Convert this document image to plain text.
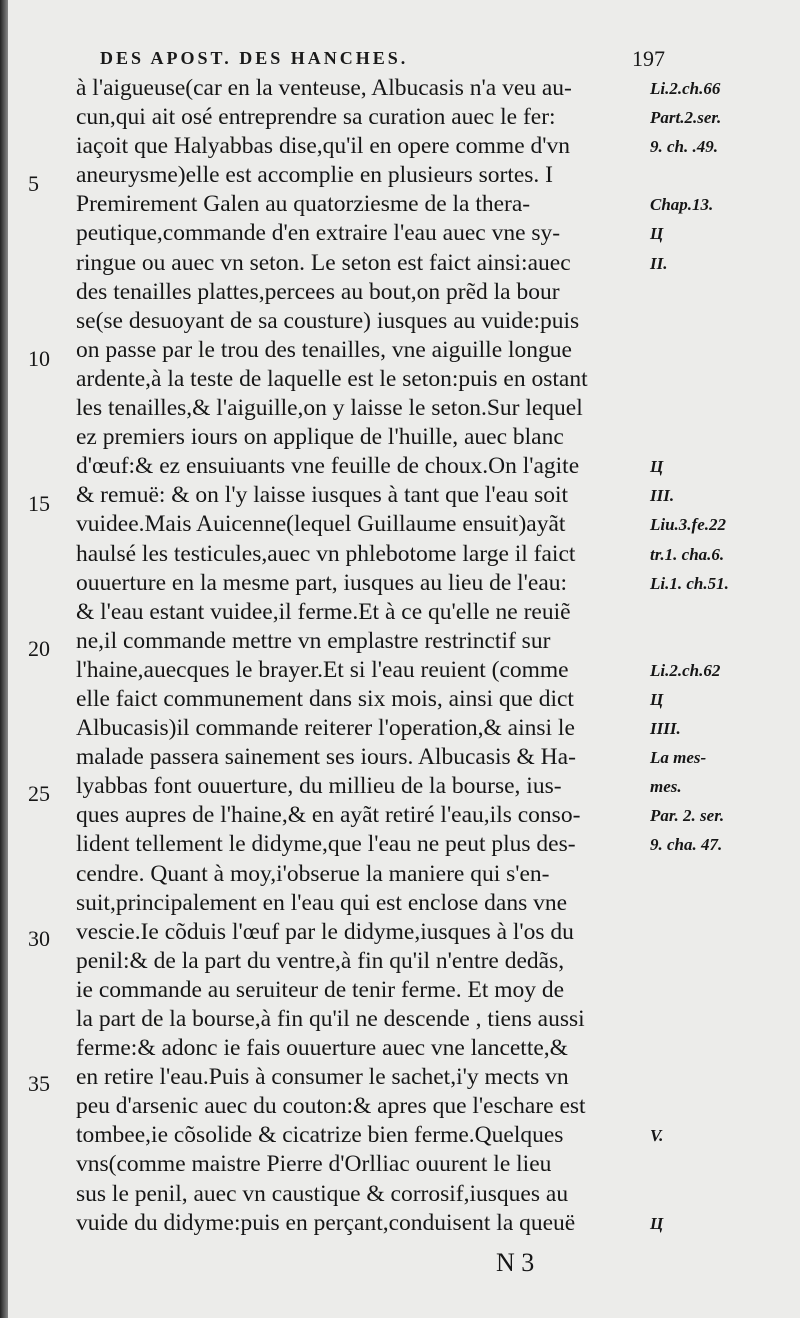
DES APOST. DES HANCHES.	197
5
10
15
20
25
30
35
à l'aigueuse(car en la venteuse, Albucasis n'a veu au-
cun,qui ait osé entreprendre sa curation auec le fer:
iaçoit que Halyabbas dise,qu'il en opere comme d'vn
aneurysme)elle est accomplie en plusieurs sortes. I
Premirement Galen au quatorziesme de la thera-
peutique,commande d'en extraire l'eau auec vne sy-
ringue ou auec vn seton. Le seton est faict ainsi:auec
des tenailles plattes,percees au bout,on prẽd la bour
se(se desuoyant de sa cousture) iusques au vuide:puis
on passe par le trou des tenailles, vne aiguille longue
ardente,à la teste de laquelle est le seton:puis en ostant
les tenailles,& l'aiguille,on y laisse le seton.Sur lequel
ez premiers iours on applique de l'huille, auec blanc
d'œuf:& ez ensuiuants vne feuille de choux.On l'agite
& remuë: & on l'y laisse iusques à tant que l'eau soit
vuidee.Mais Auicenne(lequel Guillaume ensuit)ayãt
haulsé les testicules,auec vn phlebotome large il faict
ouuerture en la mesme part, iusques au lieu de l'eau:
& l'eau estant vuidee,il ferme.Et à ce qu'elle ne reuiẽ
ne,il commande mettre vn emplastre restrinctif sur
l'haine,auecques le brayer.Et si l'eau reuient (comme
elle faict communement dans six mois, ainsi que dict
Albucasis)il commande reiterer l'operation,& ainsi le
malade passera sainement ses iours. Albucasis & Ha-
lyabbas font ouuerture, du millieu de la bourse, ius-
ques aupres de l'haine,& en ayãt retiré l'eau,ils conso-
lident tellement le didyme,que l'eau ne peut plus des-
cendre. Quant à moy,i'obserue la maniere qui s'en-
suit,principalement en l'eau qui est enclose dans vne
vescie.Ie cõduis l'œuf par le didyme,iusques à l'os du
penil:& de la part du ventre,à fin qu'il n'entre dedãs,
ie commande au seruiteur de tenir ferme. Et moy de
la part de la bourse,à fin qu'il ne descende , tiens aussi
ferme:& adonc ie fais ouuerture auec vne lancette,&
en retire l'eau.Puis à consumer le sachet,i'y mects vn
peu d'arsenic auec du couton:& apres que l'eschare est
tombee,ie cõsolide & cicatrize bien ferme.Quelques
vns(comme maistre Pierre d'Orlliac ouurent le lieu
sus le penil, auec vn caustique & corrosif,iusques au
vuide du didyme:puis en perçant,conduisent la queuë
Li.2.ch.66
Part.2.ser.
9. ch. .49.
Chap.13.
Ц
II.
Ц
III.
Liu.3.fe.22
tr.1. cha.6.
Li.1. ch.51.
Li.2.ch.62
Ц
IIII.
La mes-
mes.
Par. 2. ser.
9. cha. 47.
V.
Ц
N 3
